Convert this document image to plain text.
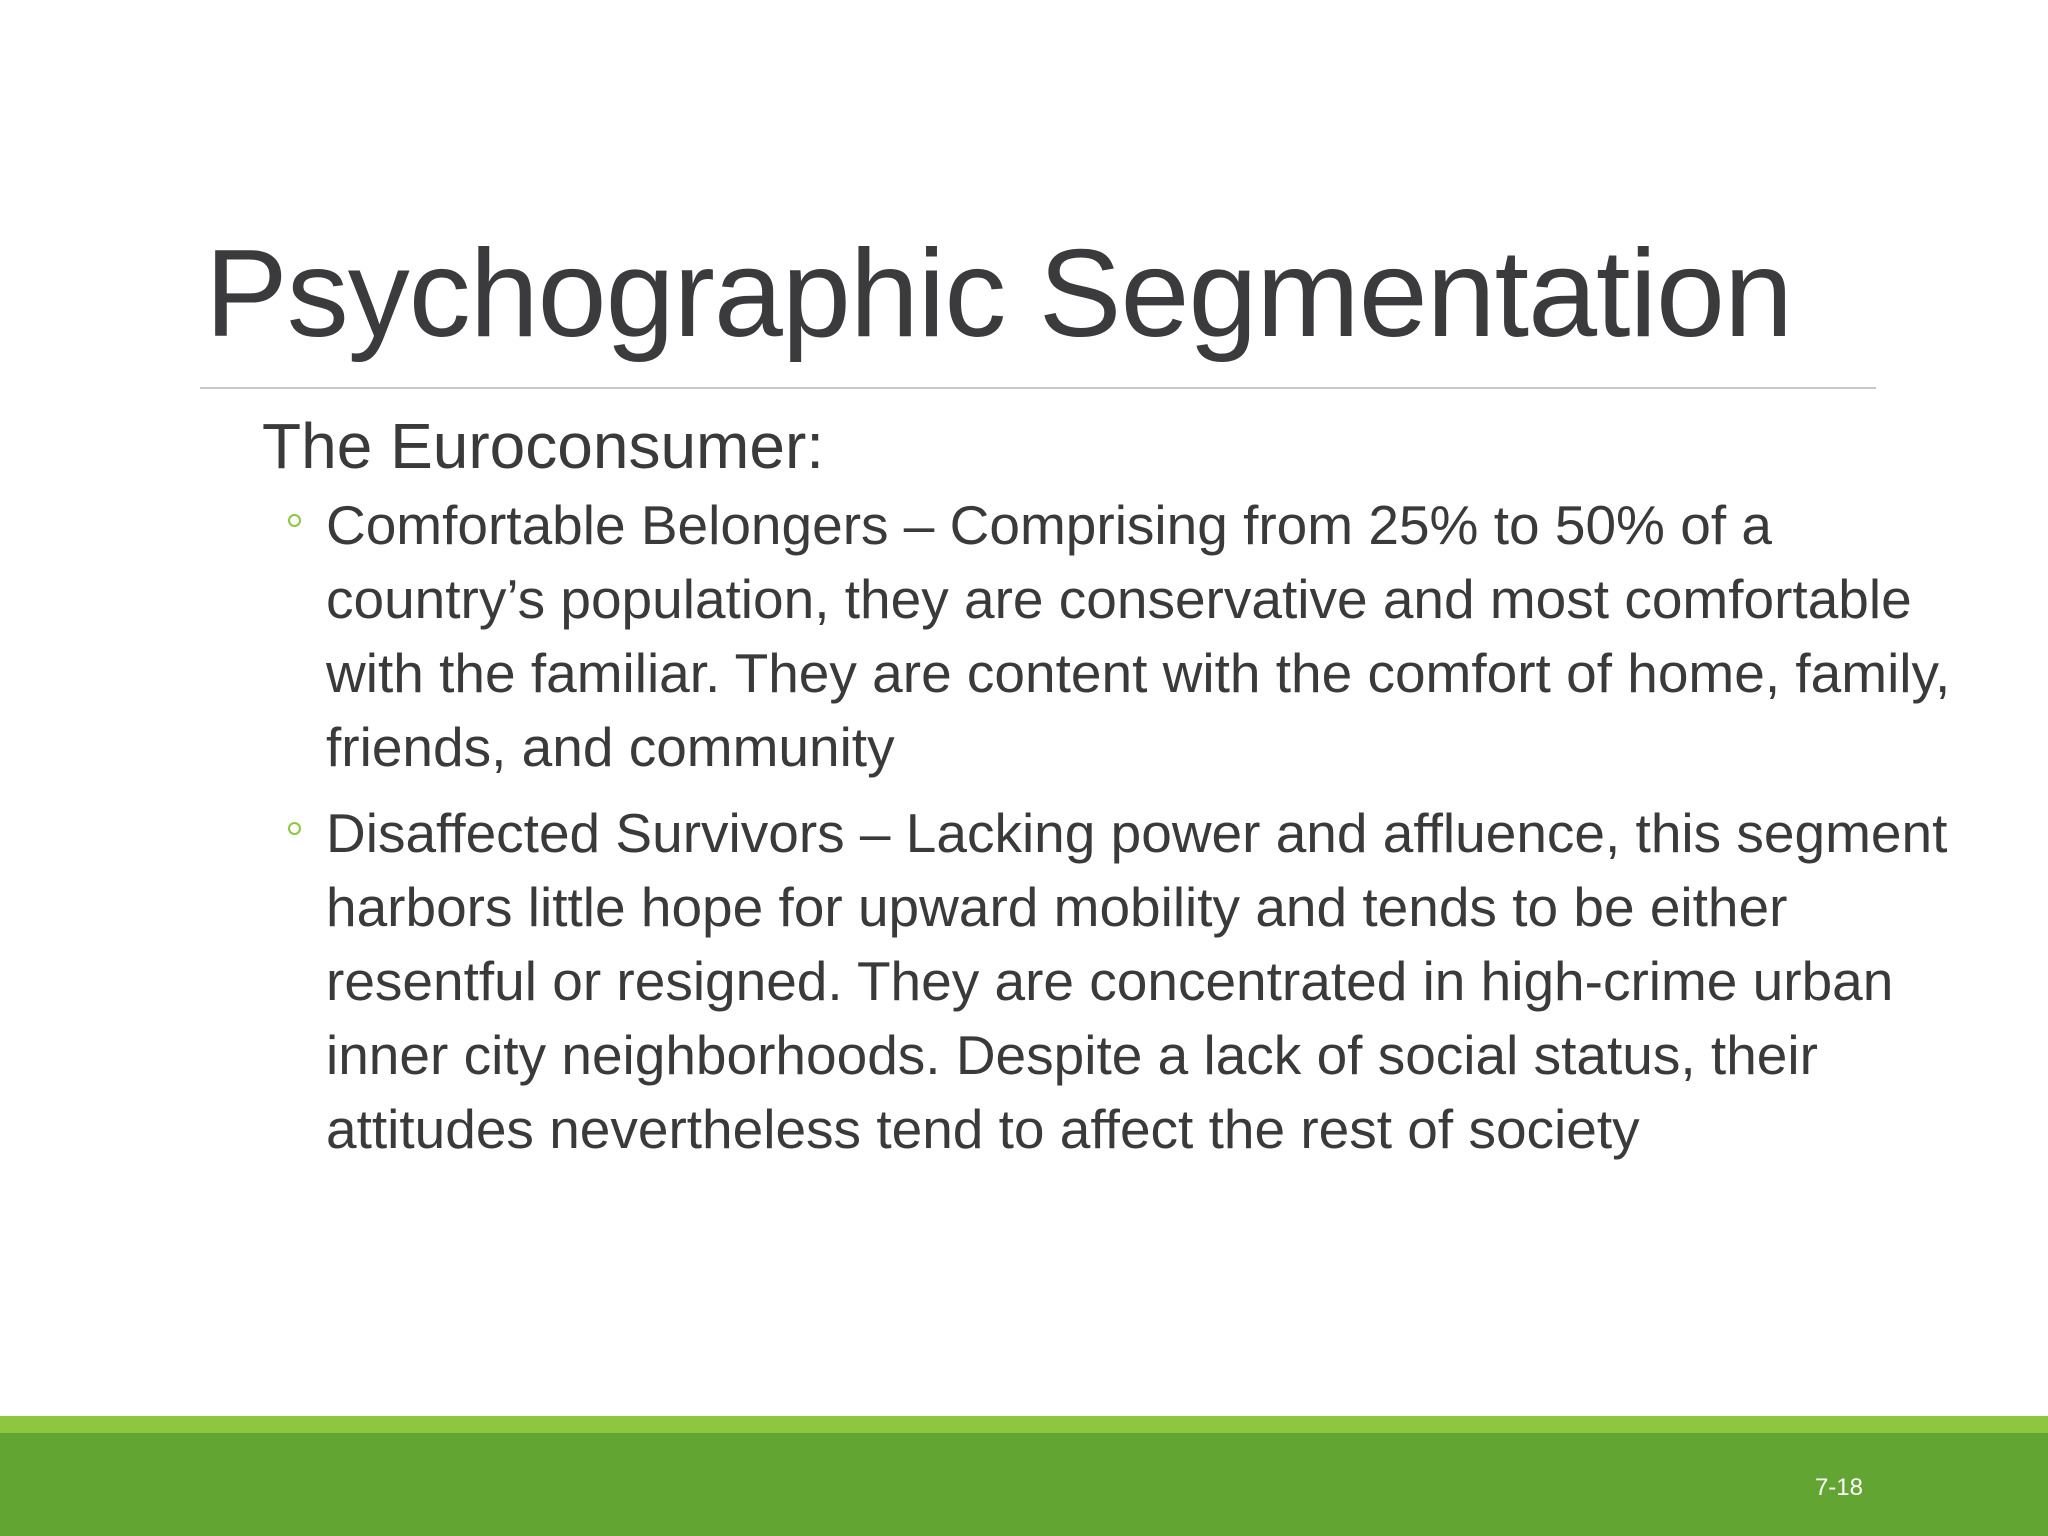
Psychographic Segmentation
The Euroconsumer:
Comfortable Belongers – Comprising from 25% to 50% of a country’s population, they are conservative and most comfortable with the familiar. They are content with the comfort of home, family, friends, and community
Disaffected Survivors – Lacking power and affluence, this segment harbors little hope for upward mobility and tends to be either resentful or resigned. They are concentrated in high-crime urban inner city neighborhoods. Despite a lack of social status, their attitudes nevertheless tend to affect the rest of society
7-18
